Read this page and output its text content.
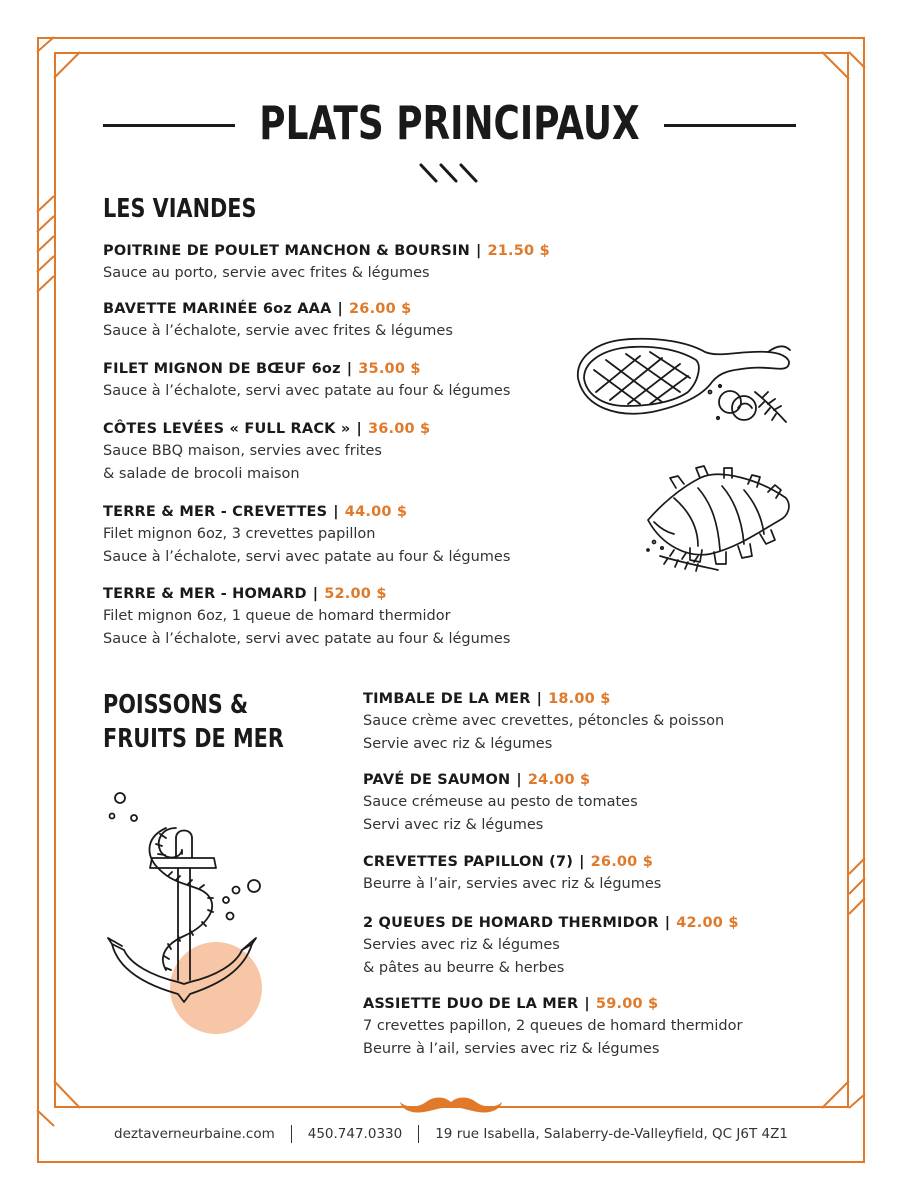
PLATS PRINCIPAUX
LES VIANDES
POITRINE DE POULET MANCHON & BOURSIN | 21.50 $
Sauce au porto, servie avec frites & légumes
BAVETTE MARINÉE 6oz AAA | 26.00 $
Sauce à l’échalote, servie avec frites & légumes
FILET MIGNON DE BŒUF 6oz | 35.00 $
Sauce à l’échalote, servi avec patate au four & légumes
CÔTES LEVÉES « FULL RACK » | 36.00 $
Sauce BBQ maison, servies avec frites
& salade de brocoli maison
TERRE & MER - CREVETTES | 44.00 $
Filet mignon 6oz, 3 crevettes papillon
Sauce à l’échalote, servi avec patate au four & légumes
TERRE & MER - HOMARD | 52.00 $
Filet mignon 6oz, 1 queue de homard thermidor
Sauce à l’échalote, servi avec patate au four & légumes
POISSONS &
FRUITS DE MER
TIMBALE DE LA MER | 18.00 $
Sauce crème avec crevettes, pétoncles & poisson
Servie avec riz & légumes
PAVÉ DE SAUMON | 24.00 $
Sauce crémeuse au pesto de tomates
Servi avec riz & légumes
CREVETTES PAPILLON (7) | 26.00 $
Beurre à l’air, servies avec riz & légumes
2 QUEUES DE HOMARD THERMIDOR | 42.00 $
Servies avec riz & légumes
& pâtes au beurre & herbes
ASSIETTE DUO DE LA MER | 59.00 $
7 crevettes papillon, 2 queues de homard thermidor
Beurre à l’ail, servies avec riz & légumes
deztaverneurbaine.com 450.747.0330 19 rue Isabella, Salaberry-de-Valleyfield, QC J6T 4Z1
